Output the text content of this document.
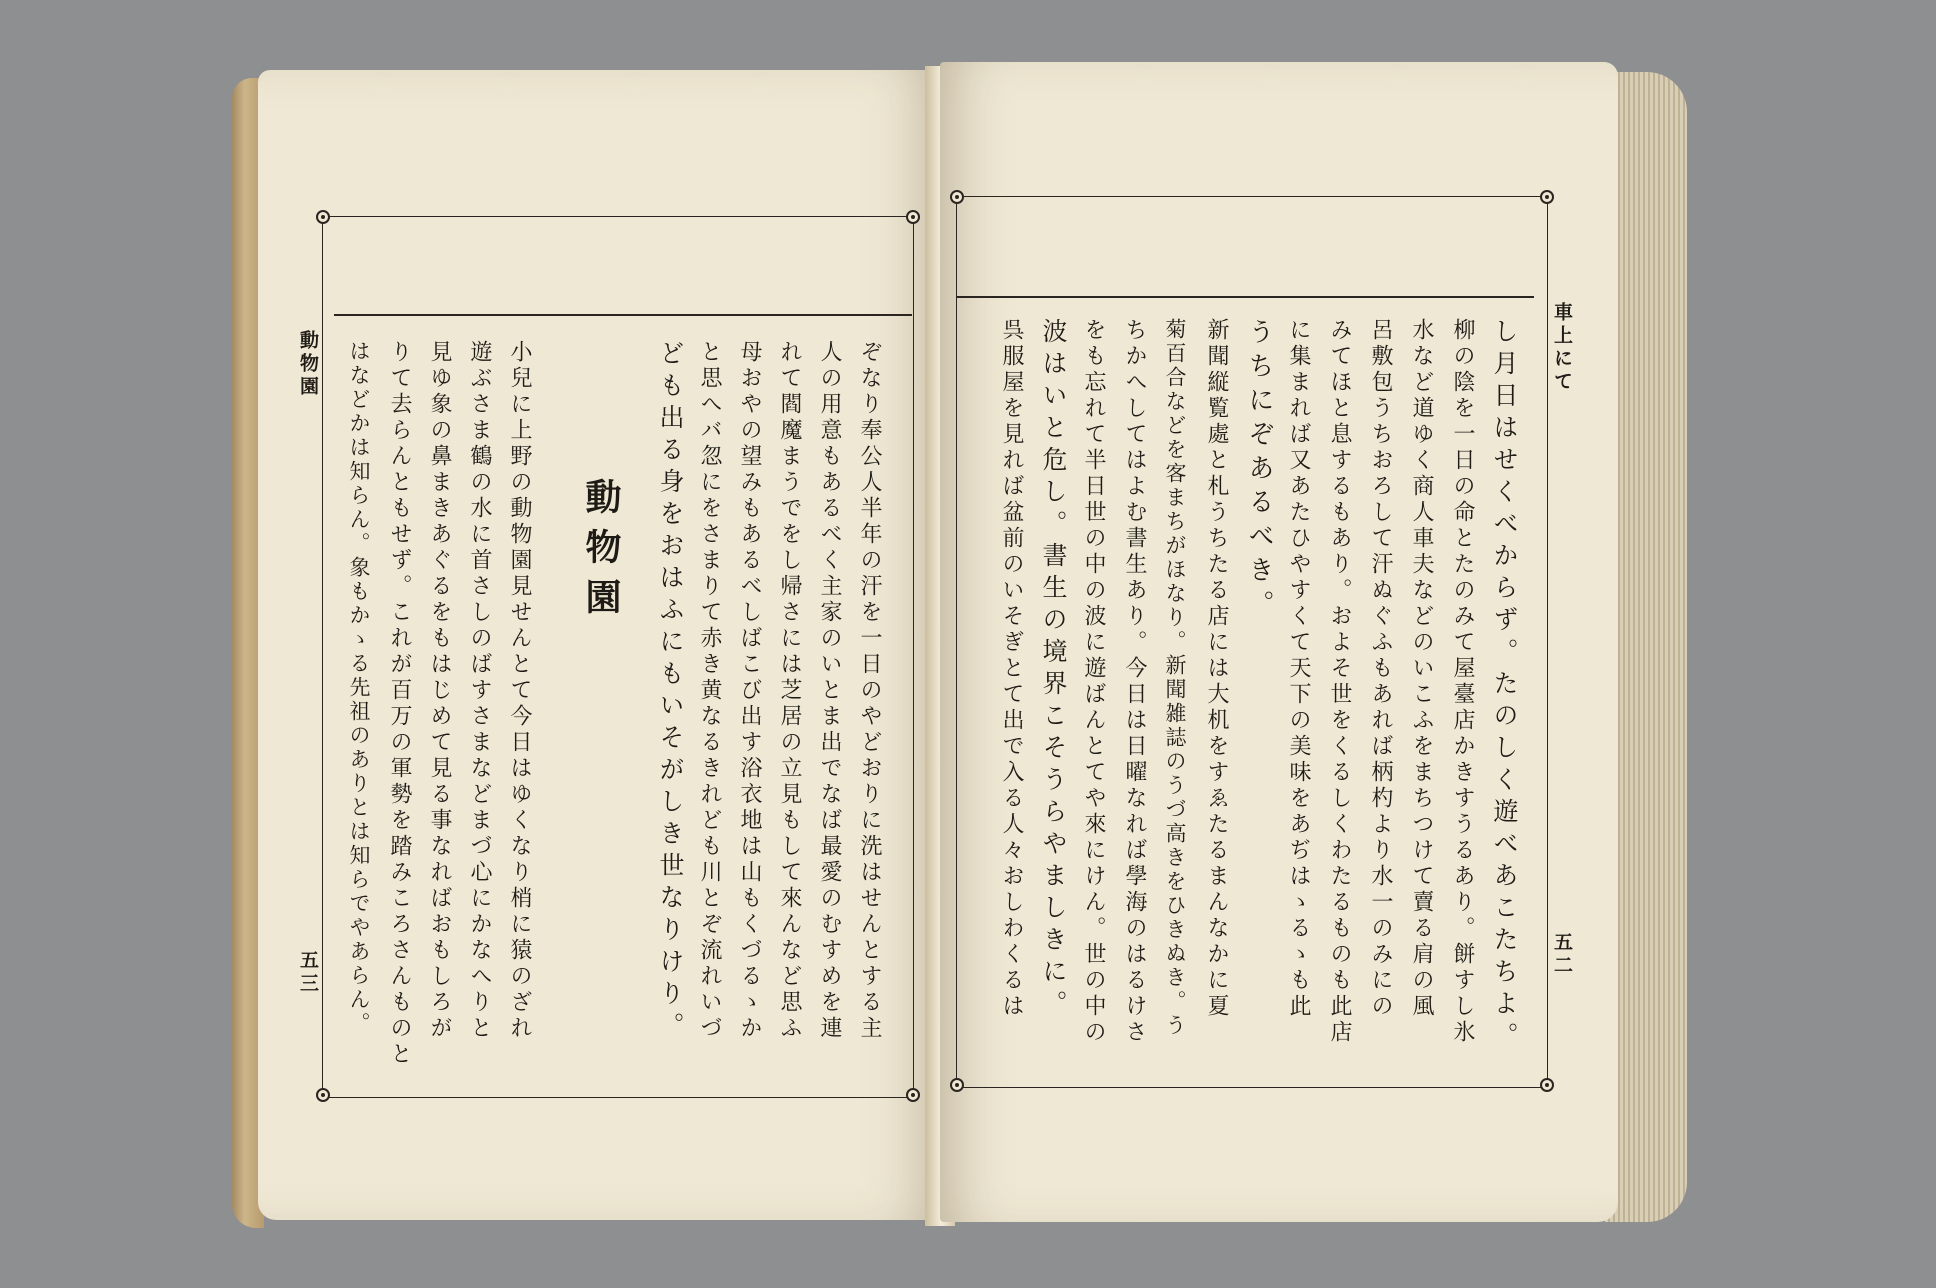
動物園
五三	ども出る身をおはふにもいそがしき世なりけり。 と思へバ忽にをさまりて赤き黄なるきれども川とぞ流れいづ 母おやの望みもあるべしばこび出す浴衣地は山もくづるゝか れて閻魔まうでをし帰さには芝居の立見もして來んなど思ふ 人の用意もあるべく主家のいとま出でなば最愛のむすめを連 ぞなり奉公人半年の汗を一日のやどおりに洗はせんとする主
動物園
はなどかは知らん。象もかゝる先祖のありとは知らでやあらん。 りて去らんともせず。これが百万の軍勢を踏みころさんものと 見ゆ象の鼻まきあぐるをもはじめて見る事なればおもしろが 遊ぶさま鶴の水に首さしのばすさまなどまづ心にかなへりと 小兒に上野の動物園見せんとて今日はゆくなり梢に猿のざれ	車上にて
五二
し月日はせくべからず。たのしく遊べあこたちよ。
柳の陰を一日の命とたのみて屋臺店かきすうるあり。餅すし氷
水など道ゆく商人車夫などのいこふをまちつけて賣る肩の風
呂敷包うちおろして汗ぬぐふもあれば柄杓より水一のみにの
みてほと息するもあり。およそ世をくるしくわたるものも此店
に集まれば又あたひやすくて天下の美味をあぢはゝるゝも此
うちにぞあるべき。
新聞縦覧處と札うちたる店には大机をすゑたるまんなかに夏
菊百合などを客まちがほなり。新聞雑誌のうづ高きをひきぬき。う
ちかへしてはよむ書生あり。今日は日曜なれば學海のはるけさ
をも忘れて半日世の中の波に遊ばんとてや來にけん。世の中の
波はいと危し。書生の境界こそうらやましきに。
呉服屋を見れば盆前のいそぎとて出で入る人々おしわくるは
